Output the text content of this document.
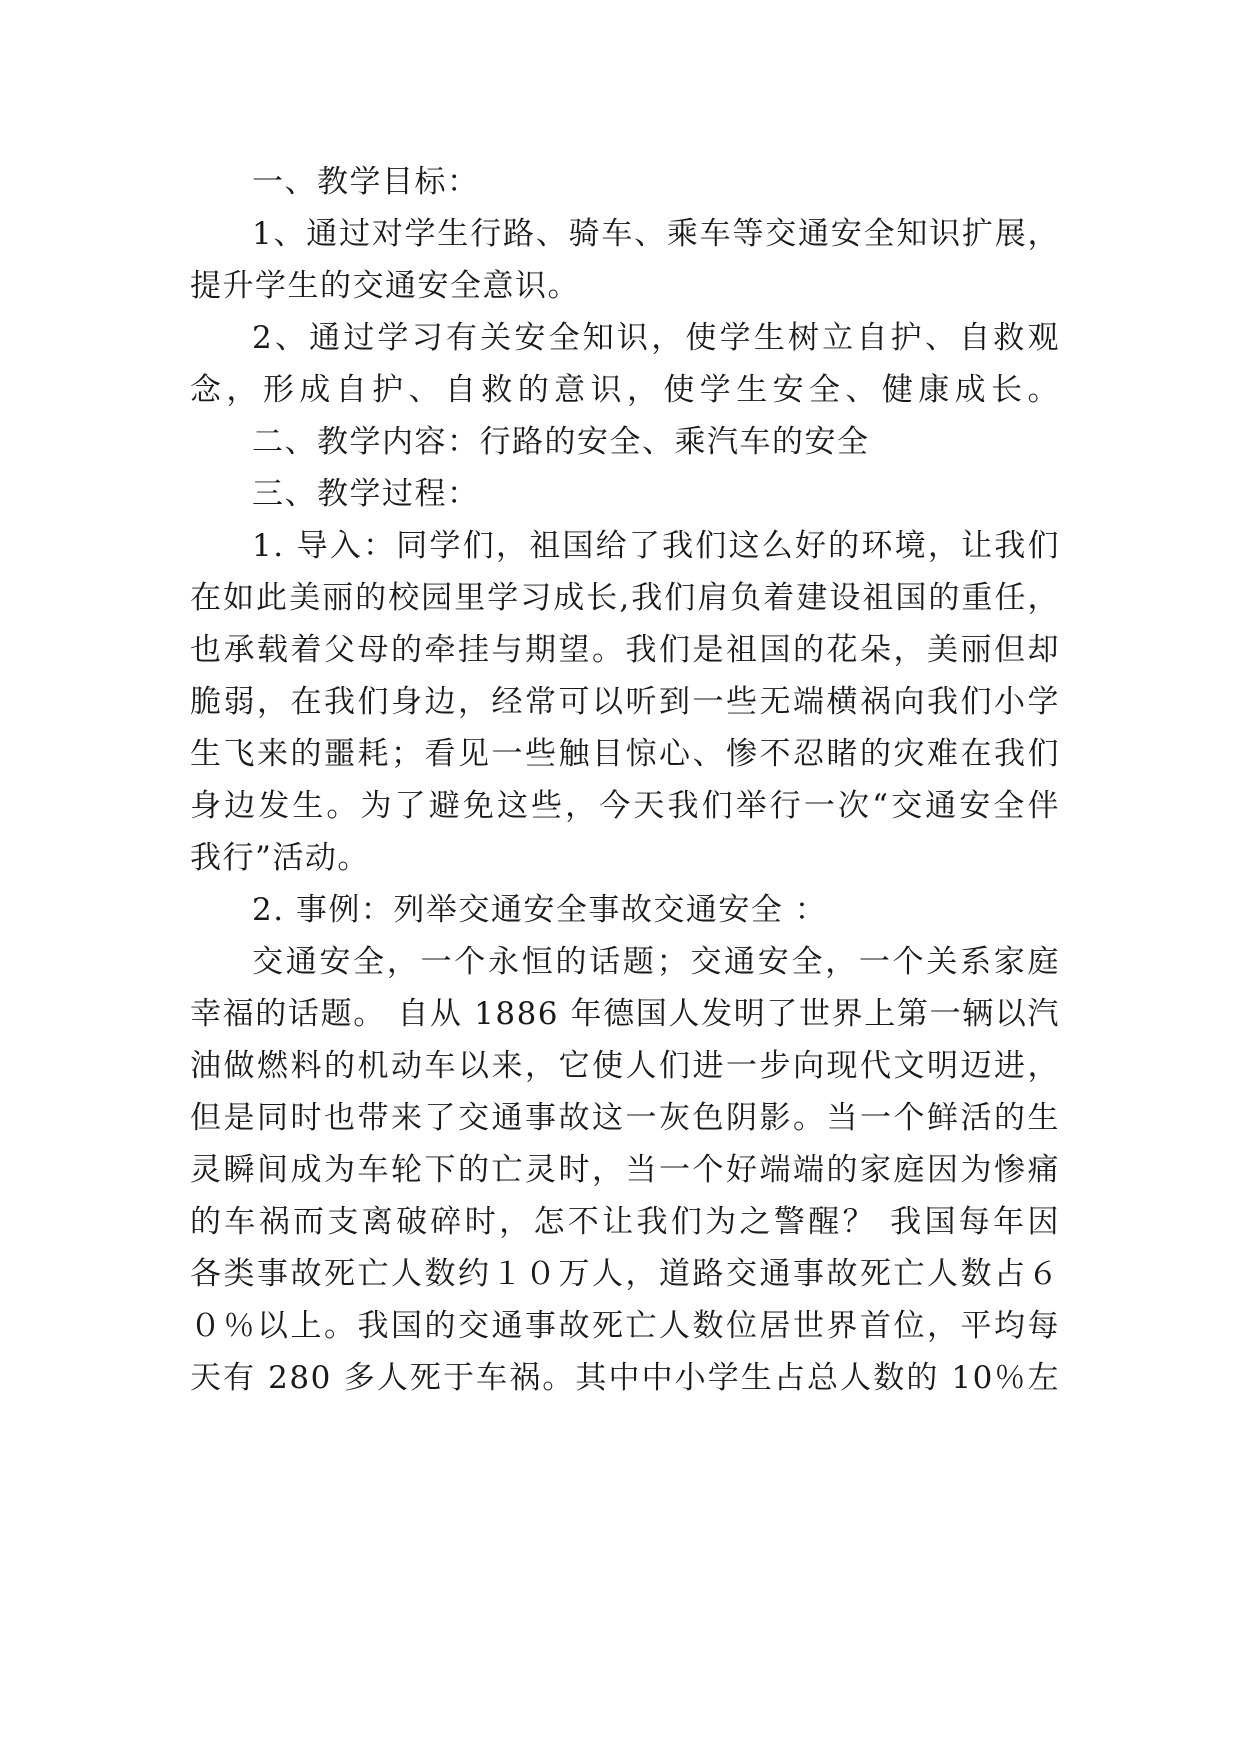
一、教学目标：
1、通过对学生行路、骑车、乘车等交通安全知识扩展，
提升学生的交通安全意识。
2、通过学习有关安全知识，使学生树立自护、自救观
念，形成自护、自救的意识，使学生安全、健康成长。
二、教学内容：行路的安全、乘汽车的安全
三、教学过程：
1. 导入：同学们，祖国给了我们这么好的环境，让我们
在如此美丽的校园里学习成长,我们肩负着建设祖国的重任，
也承载着父母的牵挂与期望。我们是祖国的花朵，美丽但却
脆弱，在我们身边，经常可以听到一些无端横祸向我们小学
生飞来的噩耗；看见一些触目惊心、惨不忍睹的灾难在我们
身边发生。为了避免这些，今天我们举行一次“交通安全伴
我行”活动。
2. 事例：列举交通安全事故交通安全 ：
交通安全，一个永恒的话题；交通安全，一个关系家庭
幸福的话题。 自从 1886 年德国人发明了世界上第一辆以汽
油做燃料的机动车以来，它使人们进一步向现代文明迈进，
但是同时也带来了交通事故这一灰色阴影。当一个鲜活的生
灵瞬间成为车轮下的亡灵时，当一个好端端的家庭因为惨痛
的车祸而支离破碎时，怎不让我们为之警醒？ 我国每年因
各类事故死亡人数约１０万人，道路交通事故死亡人数占６
０％以上。我国的交通事故死亡人数位居世界首位，平均每
天有 280 多人死于车祸。其中中小学生占总人数的 10％左
